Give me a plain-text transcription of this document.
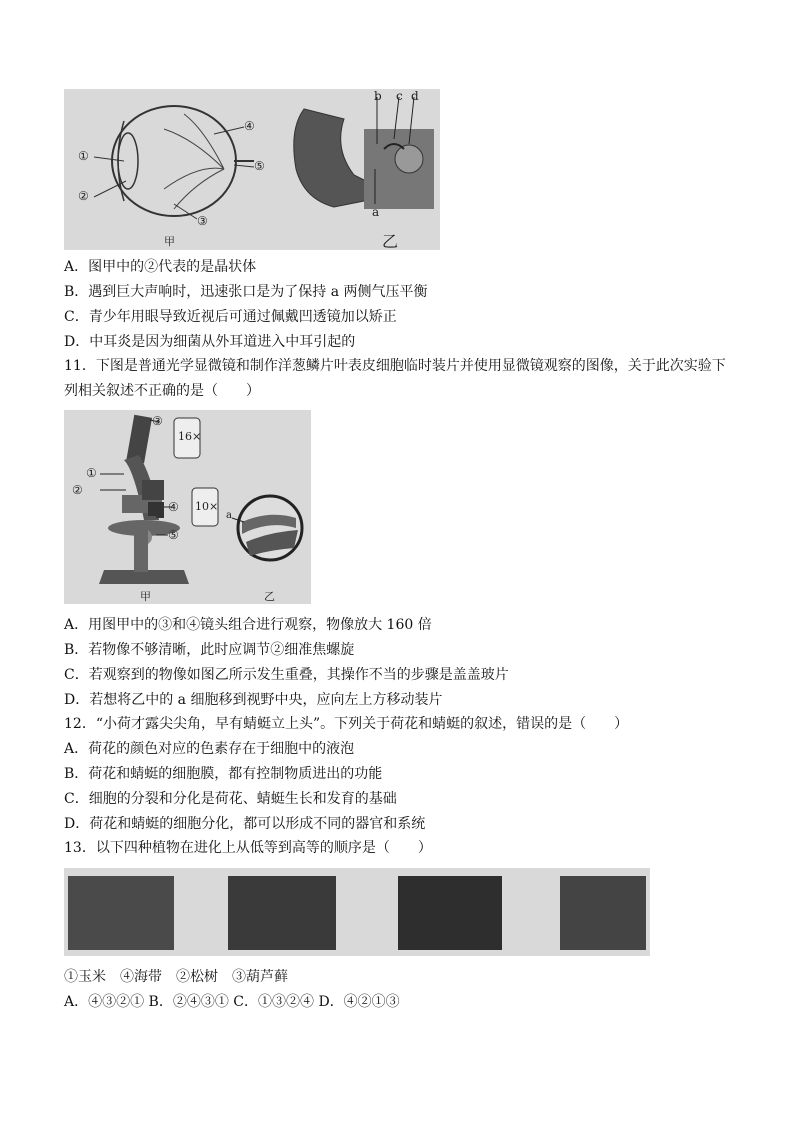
①
②
③
④
⑤
甲
b c d
a
乙
A．图甲中的②代表的是晶状体
B．遇到巨大声响时，迅速张口是为了保持 a 两侧气压平衡
C．青少年用眼导致近视后可通过佩戴凹透镜加以矫正
D．中耳炎是因为细菌从外耳道进入中耳引起的
11．下图是普通光学显微镜和制作洋葱鳞片叶表皮细胞临时装片并使用显微镜观察的图像，关于此次实验下列相关叙述不正确的是（　　）
③
①
②
④
⑤
a
16×
10×
甲	乙
A．用图甲中的③和④镜头组合进行观察，物像放大 160 倍
B．若物像不够清晰，此时应调节②细准焦螺旋
C．若观察到的物像如图乙所示发生重叠，其操作不当的步骤是盖盖玻片
D．若想将乙中的 a 细胞移到视野中央，应向左上方移动装片
12．“小荷才露尖尖角，早有蜻蜓立上头”。下列关于荷花和蜻蜓的叙述，错误的是（　　）
A．荷花的颜色对应的色素存在于细胞中的液泡
B．荷花和蜻蜓的细胞膜，都有控制物质进出的功能
C．细胞的分裂和分化是荷花、蜻蜓生长和发育的基础
D．荷花和蜻蜓的细胞分化，都可以形成不同的器官和系统
13．以下四种植物在进化上从低等到高等的顺序是（　　）
①玉米　④海带　②松树　③葫芦藓
A．④③②① B．②④③① C．①③②④ D．④②①③
